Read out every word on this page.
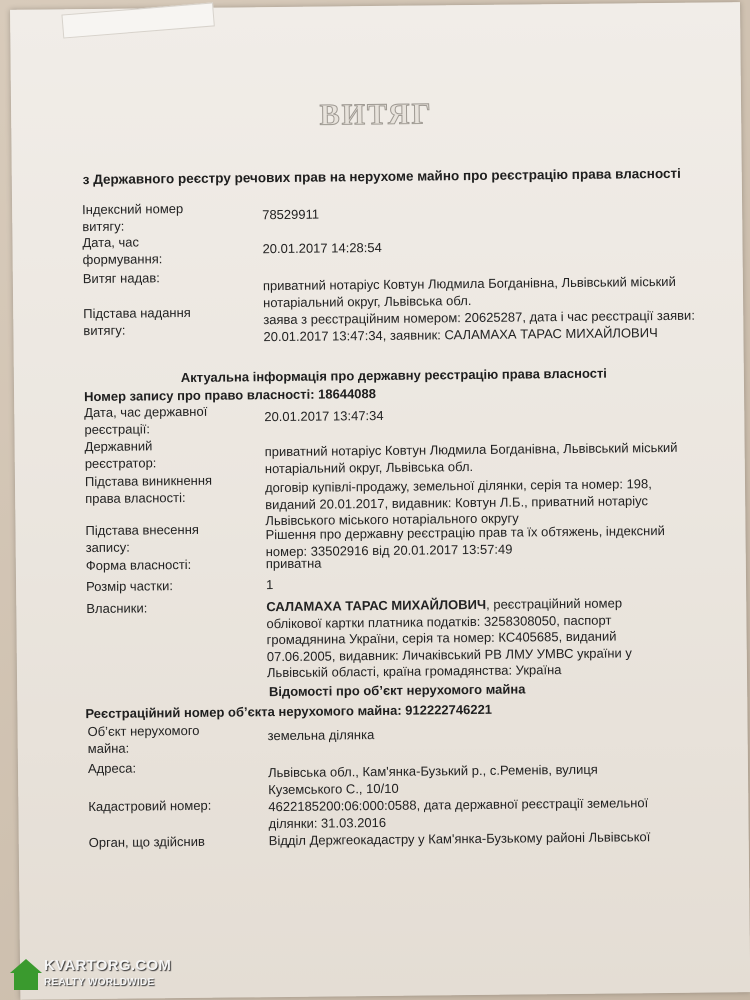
ВИТЯГ
з Державного реєстру речових прав на нерухоме майно про реєстрацію права власності
Індексний номер витягу:
78529911
Дата, час формування:
20.01.2017 14:28:54
Витяг надав:	приватний нотаріус Ковтун Людмила Богданівна, Львівський міський нотаріальний округ, Львівська обл.
Підстава надання витягу:
заява з реєстраційним номером: 20625287, дата і час реєстрації заяви: 20.01.2017 13:47:34, заявник: САЛАМАХА ТАРАС МИХАЙЛОВИЧ
Актуальна інформація про державну реєстрацію права власності
Номер запису про право власності: 18644088
Дата, час державної реєстрації:
20.01.2017 13:47:34
Державний реєстратор:
приватний нотаріус Ковтун Людмила Богданівна, Львівський міський нотаріальний округ, Львівська обл.
Підстава виникнення права власності:
договір купівлі-продажу, земельної ділянки, серія та номер: 198, виданий 20.01.2017, видавник: Ковтун Л.Б., приватний нотаріус Львівського міського нотаріального округу
Підстава внесення запису:
Рішення про державну реєстрацію прав та їх обтяжень, індексний номер: 33502916 від 20.01.2017 13:57:49
Форма власності:	приватна
Розмір частки:	1
Власники:	САЛАМАХА ТАРАС МИХАЙЛОВИЧ, реєстраційний номер облікової картки платника податків: 3258308050, паспорт громадянина України, серія та номер: КС405685, виданий 07.06.2005, видавник: Личаківський РВ ЛМУ УМВС україни у Львівській області, країна громадянства: Україна
Відомості про об’єкт нерухомого майна
Реєстраційний номер об’єкта нерухомого майна: 912222746221
Об’єкт нерухомого майна:
земельна ділянка
Адреса:	Львівська обл., Кам'янка-Бузький р., с.Ременів, вулиця Куземського С., 10/10
Кадастровий номер:	4622185200:06:000:0588, дата державної реєстрації земельної ділянки: 31.03.2016
Орган, що здійснив	Відділ Держгеокадастру у Кам'янка-Бузькому районі Львівської
KVARTORG.COM
REALTY WORLDWIDE
